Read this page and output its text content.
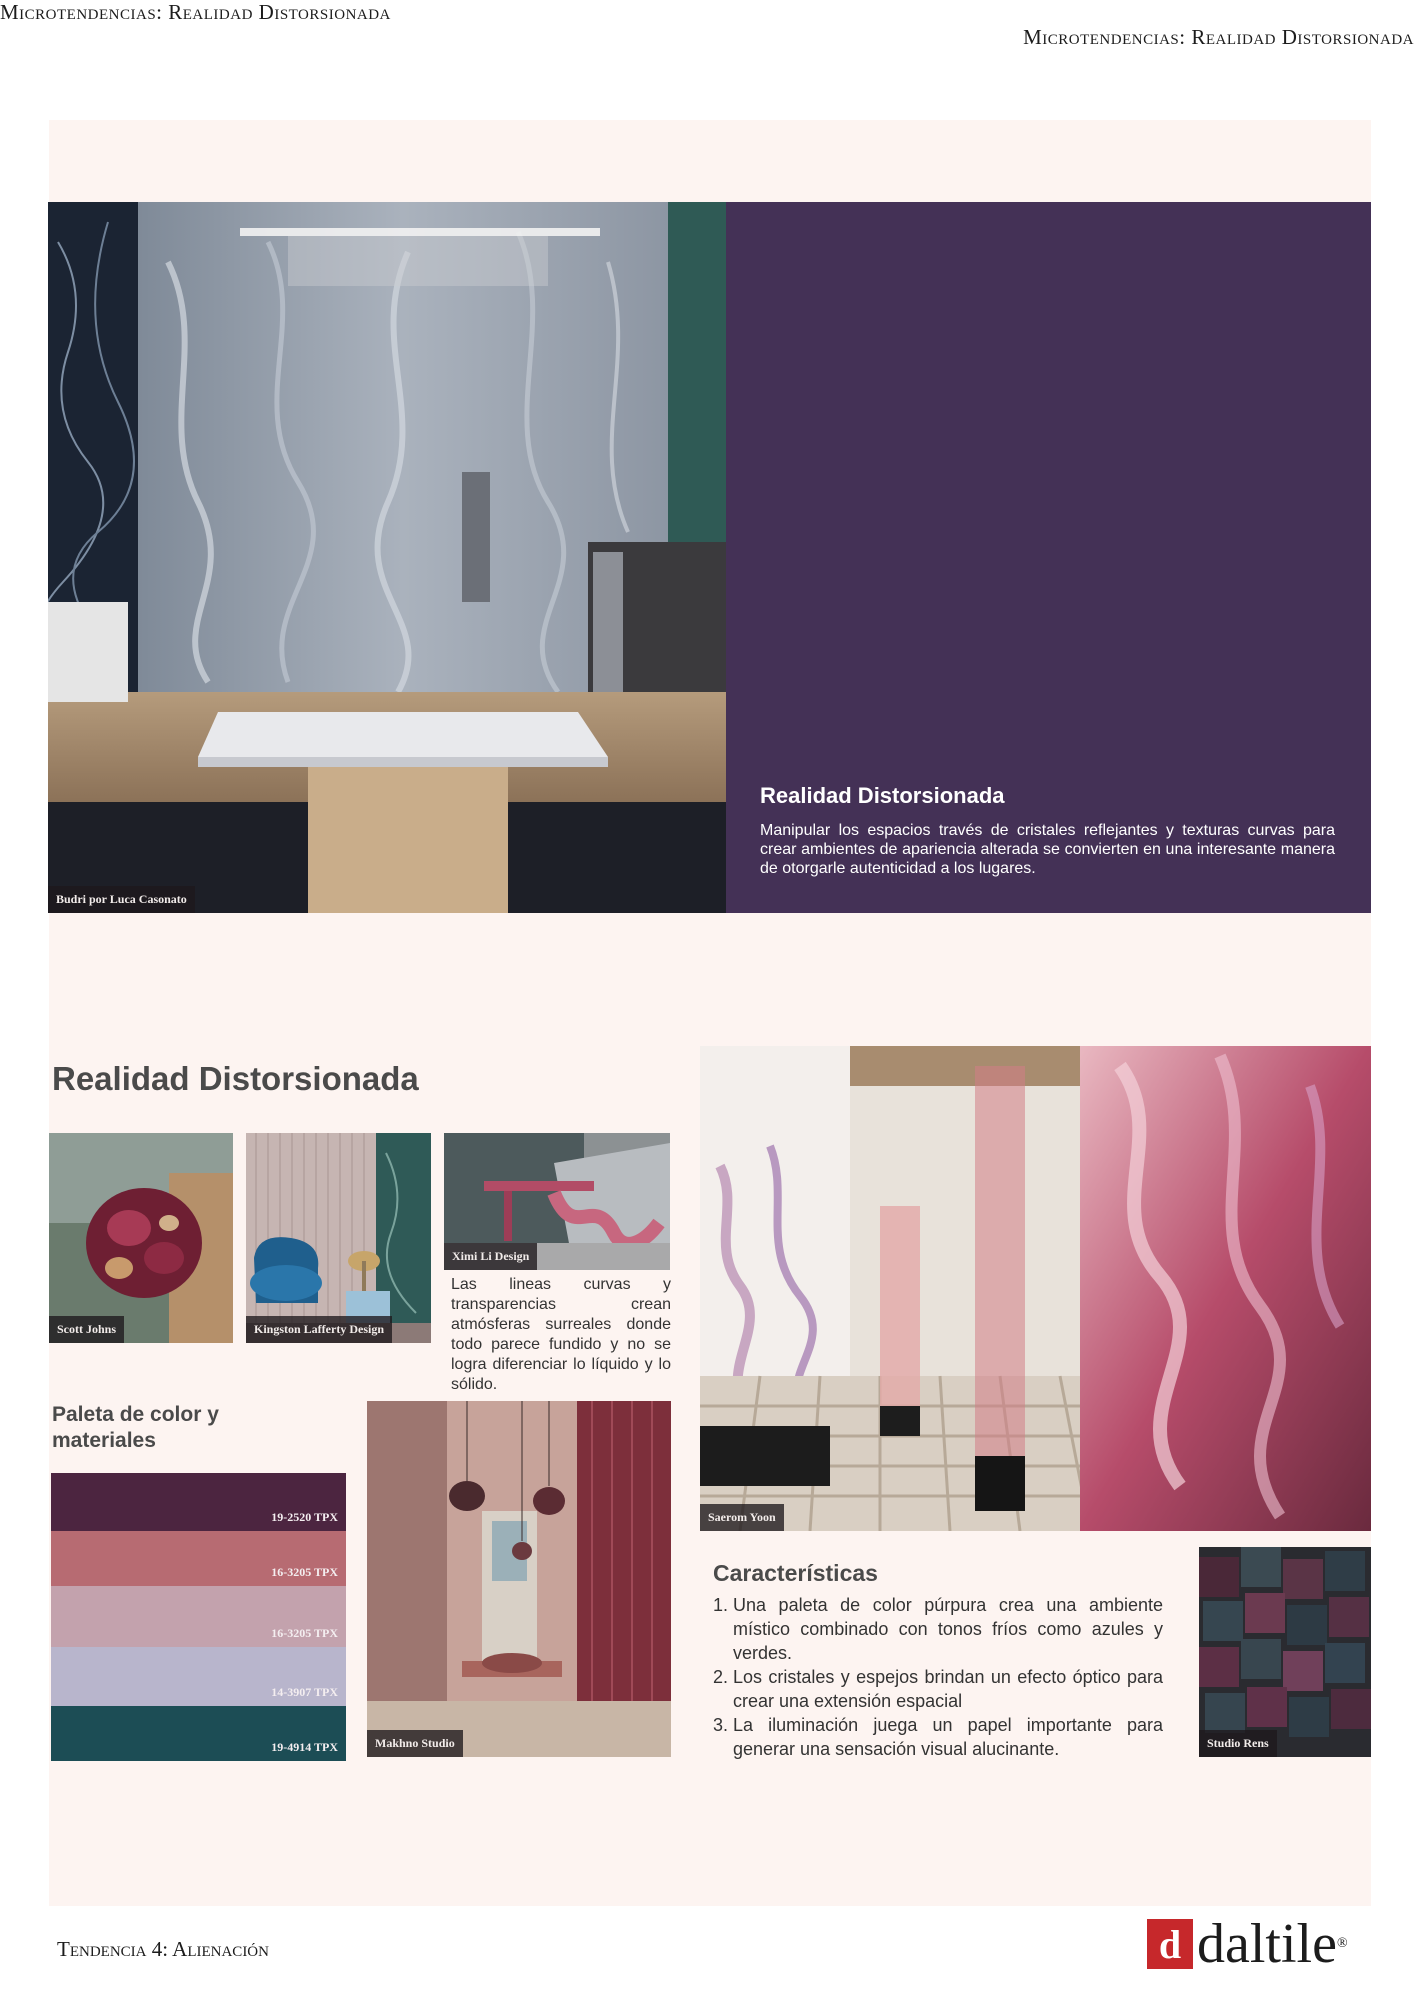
Microtendencias: Realidad Distorsionada
Microtendencias: Realidad Distorsionada
Budri por Luca Casonato
Realidad Distorsionada
Manipular los espacios través de cristales reflejantes y texturas curvas para crear ambientes de apariencia alterada se convierten en una interesante manera de otorgarle autenticidad a los lugares.
Realidad Distorsionada
Scott Johns	Kingston Lafferty Design
Ximi Li Design
Las lineas curvas y transparencias crean atmósferas surreales donde todo parece fundido y no se logra diferenciar lo líquido y lo sólido.
Paleta de color y materiales
19-2520 TPX
16-3205 TPX
16-3205 TPX
14-3907 TPX
19-4914 TPX	Makhno Studio
Saerom Yoon
Características
1. Una paleta de color púrpura crea una ambiente místico combinado con tonos fríos como azules y verdes.
2. Los cristales y espejos brindan un efecto óptico para crear una extensión espacial
3. La iluminación juega un papel importante para generar una sensación visual alucinante.	Studio Rens
Tendencia 4: Alienación	d daltile®
